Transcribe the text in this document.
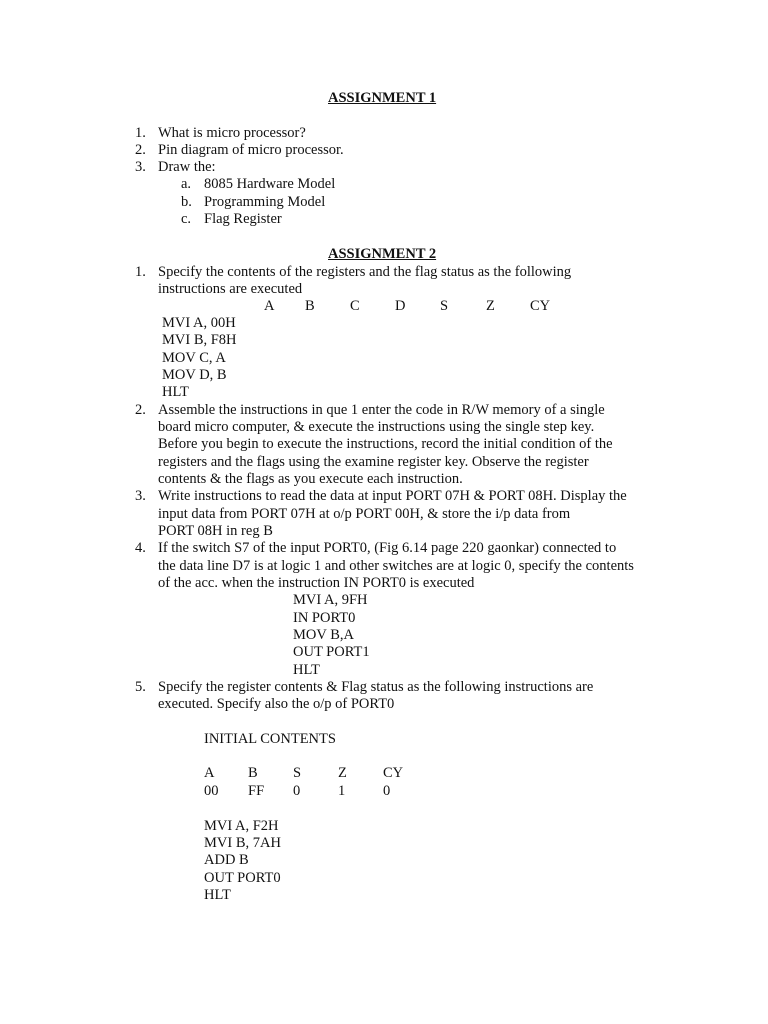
ASSIGNMENT 1
1. What is micro processor?
2. Pin diagram of micro processor.
3. Draw the:
a. 8085 Hardware Model
b. Programming Model
c. Flag Register
ASSIGNMENT 2
1. Specify the contents of the registers and the flag status as the following
instructions are executed
A B C D S	Z CY
MVI A, 00H
MVI B, F8H
MOV C, A
MOV D, B
HLT
2. Assemble the instructions in que 1 enter the code in R/W memory of a single
board micro computer, & execute the instructions using the single step key.
Before you begin to execute the instructions, record the initial condition of the
registers and the flags using the examine register key. Observe the register
contents & the flags as you execute each instruction.
3. Write instructions to read the data at input PORT 07H & PORT 08H. Display the
input data from PORT 07H at o/p PORT 00H, & store the i/p data from
PORT 08H in reg B
4. If the switch S7 of the input PORT0, (Fig 6.14 page 220 gaonkar) connected to
the data line D7 is at logic 1 and other switches are at logic 0, specify the contents
of the acc. when the instruction IN PORT0 is executed
MVI A, 9FH
IN PORT0
MOV B,A
OUT PORT1
HLT
5. Specify the register contents & Flag status as the following instructions are
executed. Specify also the o/p of PORT0
INITIAL CONTENTS
A B S	Z CY
00 FF 0	1	0
MVI A, F2H
MVI B, 7AH
ADD B
OUT PORT0
HLT
